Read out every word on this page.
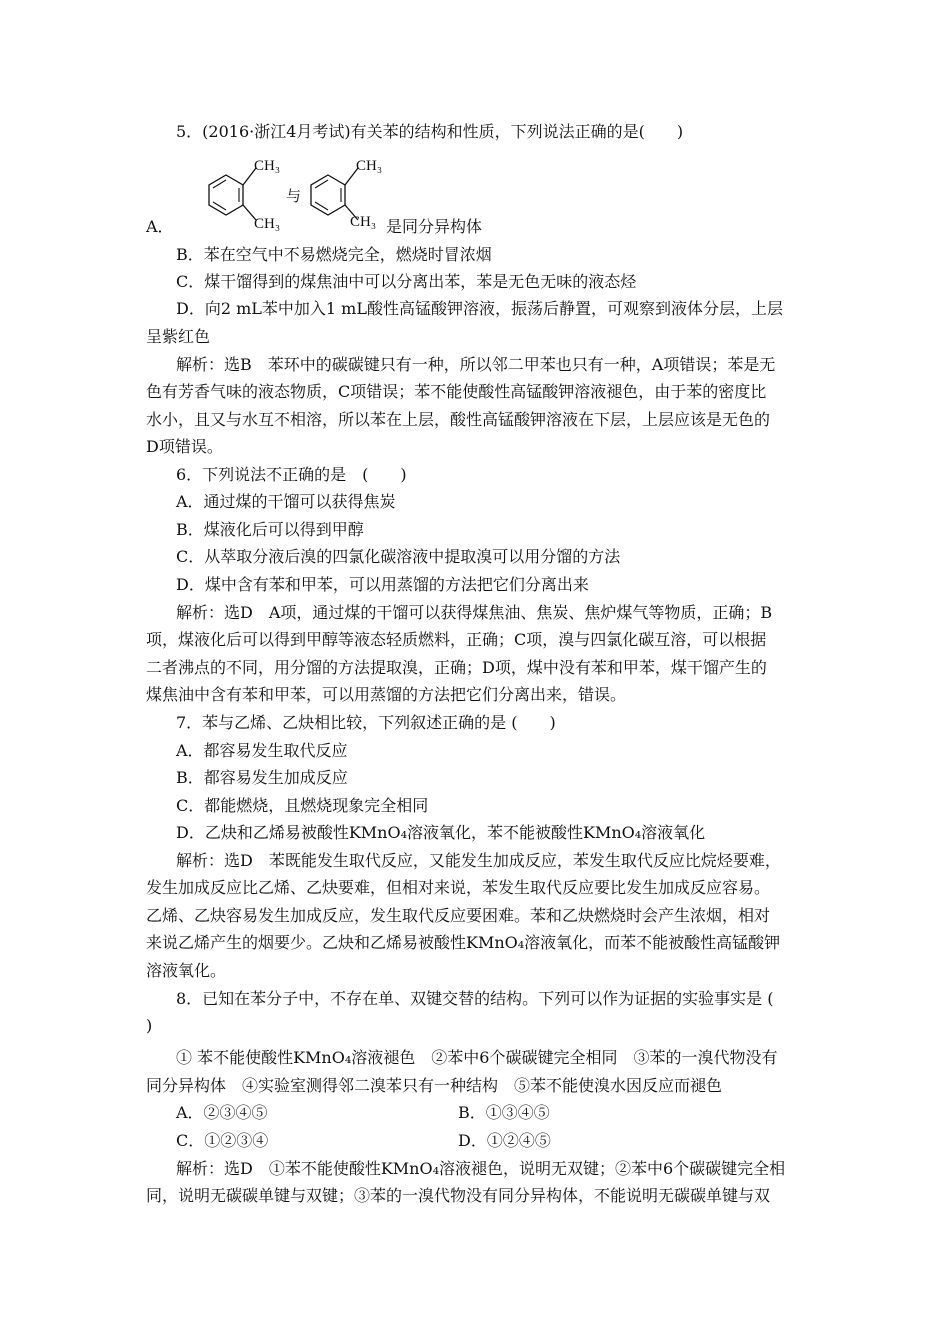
5．(2016·浙江4月考试)有关苯的结构和性质，下列说法正确的是(　　)
A．
CH₃
CH₃
与
CH₃
CH₃ 是同分异构体
B．苯在空气中不易燃烧完全，燃烧时冒浓烟
C．煤干馏得到的煤焦油中可以分离出苯，苯是无色无味的液态烃
D．向2 mL苯中加入1 mL酸性高锰酸钾溶液，振荡后静置，可观察到液体分层，上层
呈紫红色
解析：选B　苯环中的碳碳键只有一种，所以邻二甲苯也只有一种，A项错误；苯是无
色有芳香气味的液态物质，C项错误；苯不能使酸性高锰酸钾溶液褪色，由于苯的密度比
水小，且又与水互不相溶，所以苯在上层，酸性高锰酸钾溶液在下层，上层应该是无色的
D项错误。
6．下列说法不正确的是　(　　)
A．通过煤的干馏可以获得焦炭
B．煤液化后可以得到甲醇
C．从萃取分液后溴的四氯化碳溶液中提取溴可以用分馏的方法
D．煤中含有苯和甲苯，可以用蒸馏的方法把它们分离出来
解析：选D　A项，通过煤的干馏可以获得煤焦油、焦炭、焦炉煤气等物质，正确；B
项，煤液化后可以得到甲醇等液态轻质燃料，正确；C项，溴与四氯化碳互溶，可以根据
二者沸点的不同，用分馏的方法提取溴，正确；D项，煤中没有苯和甲苯，煤干馏产生的
煤焦油中含有苯和甲苯，可以用蒸馏的方法把它们分离出来，错误。
7．苯与乙烯、乙炔相比较，下列叙述正确的是 (　　)
A．都容易发生取代反应
B．都容易发生加成反应
C．都能燃烧，且燃烧现象完全相同
D．乙炔和乙烯易被酸性KMnO₄溶液氧化，苯不能被酸性KMnO₄溶液氧化
解析：选D　苯既能发生取代反应，又能发生加成反应，苯发生取代反应比烷烃要难，
发生加成反应比乙烯、乙炔要难，但相对来说，苯发生取代反应要比发生加成反应容易。
乙烯、乙炔容易发生加成反应，发生取代反应要困难。苯和乙炔燃烧时会产生浓烟，相对
来说乙烯产生的烟要少。乙炔和乙烯易被酸性KMnO₄溶液氧化，而苯不能被酸性高锰酸钾
溶液氧化。
8．已知在苯分子中，不存在单、双键交替的结构。下列可以作为证据的实验事实是 (
)
① 苯不能使酸性KMnO₄溶液褪色　②苯中6个碳碳键完全相同　③苯的一溴代物没有
同分异构体　④实验室测得邻二溴苯只有一种结构　⑤苯不能使溴水因反应而褪色
A．②③④⑤	B．①③④⑤
C．①②③④	D．①②④⑤
解析：选D　①苯不能使酸性KMnO₄溶液褪色，说明无双键；②苯中6个碳碳键完全相
同，说明无碳碳单键与双键；③苯的一溴代物没有同分异构体，不能说明无碳碳单键与双
